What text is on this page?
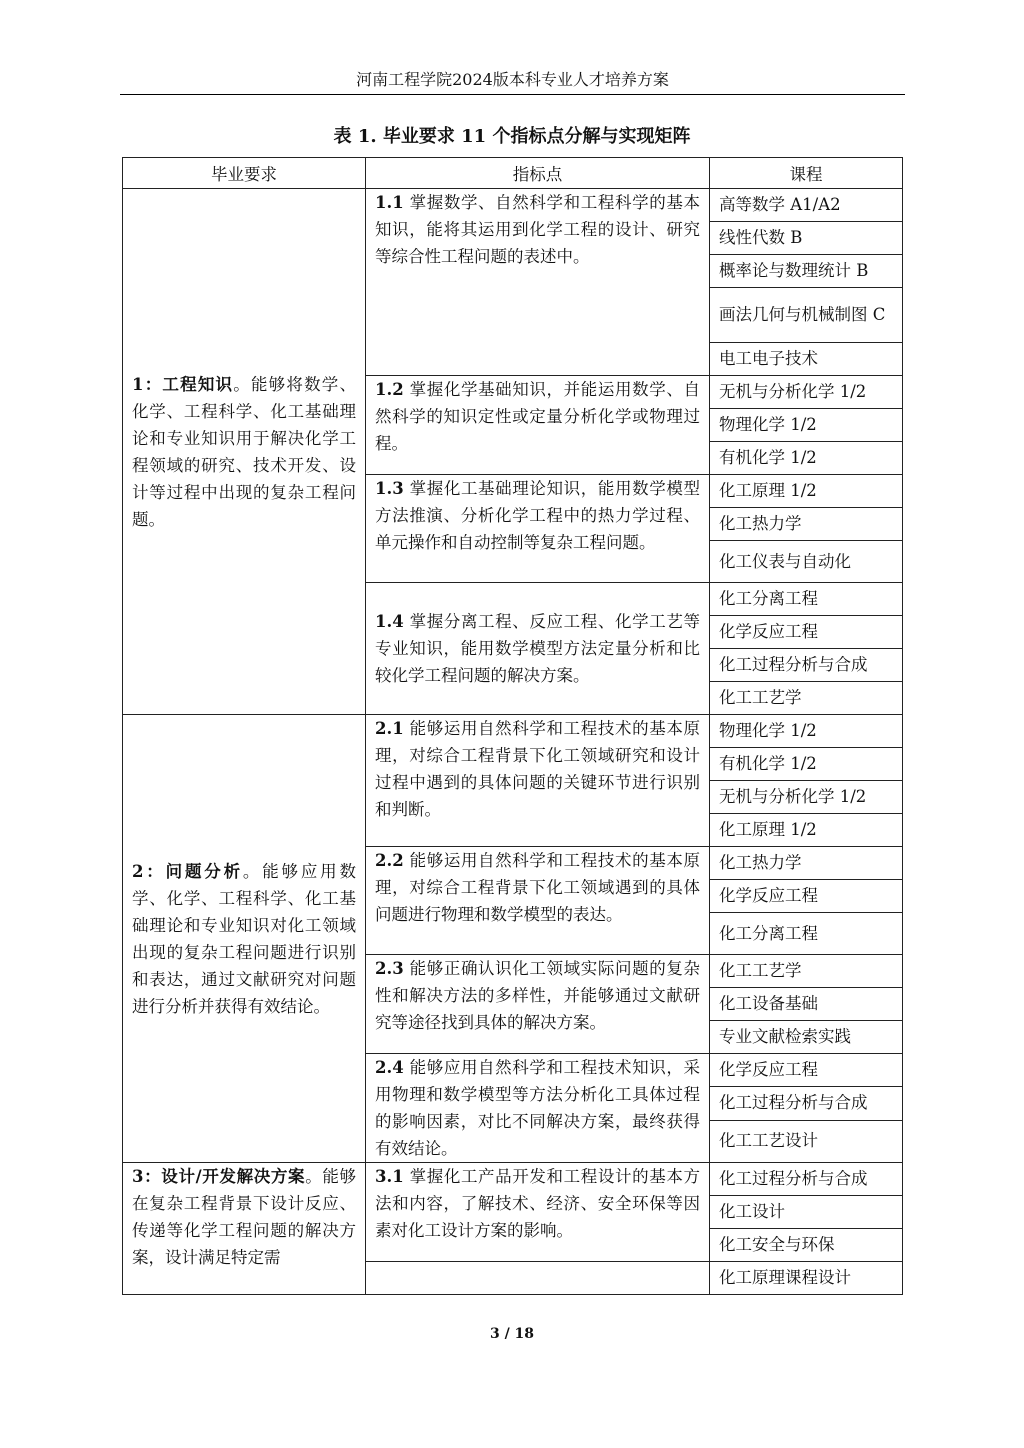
河南工程学院2024版本科专业人才培养方案
表 1. 毕业要求 11 个指标点分解与实现矩阵
毕业要求	指标点	课程
1：工程知识。能够将数学、化学、工程科学、化工基础理论和专业知识用于解决化学工程领域的研究、技术开发、设计等过程中出现的复杂工程问题。	1.1 掌握数学、自然科学和工程科学的基本知识，能将其运用到化学工程的设计、研究等综合性工程问题的表述中。	高等数学 A1/A2
		线性代数 B
		概率论与数理统计 B
		画法几何与机械制图 C
		电工电子技术
	1.2 掌握化学基础知识，并能运用数学、自然科学的知识定性或定量分析化学或物理过程。	无机与分析化学 1/2
		物理化学 1/2
		有机化学 1/2
	1.3 掌握化工基础理论知识，能用数学模型方法推演、分析化学工程中的热力学过程、单元操作和自动控制等复杂工程问题。	化工原理 1/2
		化工热力学
		化工仪表与自动化
	1.4 掌握分离工程、反应工程、化学工艺等专业知识，能用数学模型方法定量分析和比较化学工程问题的解决方案。	化工分离工程
		化学反应工程
		化工过程分析与合成
		化工工艺学
2：问题分析。能够应用数学、化学、工程科学、化工基础理论和专业知识对化工领域出现的复杂工程问题进行识别和表达，通过文献研究对问题进行分析并获得有效结论。	2.1 能够运用自然科学和工程技术的基本原理，对综合工程背景下化工领域研究和设计过程中遇到的具体问题的关键环节进行识别和判断。	物理化学 1/2
		有机化学 1/2
		无机与分析化学 1/2
		化工原理 1/2
	2.2 能够运用自然科学和工程技术的基本原理，对综合工程背景下化工领域遇到的具体问题进行物理和数学模型的表达。	化工热力学
		化学反应工程
		化工分离工程
	2.3 能够正确认识化工领域实际问题的复杂性和解决方法的多样性，并能够通过文献研究等途径找到具体的解决方案。	化工工艺学
		化工设备基础
		专业文献检索实践
	2.4 能够应用自然科学和工程技术知识，采用物理和数学模型等方法分析化工具体过程的影响因素，对比不同解决方案，最终获得有效结论。	化学反应工程
		化工过程分析与合成
		化工工艺设计
3：设计/开发解决方案。能够在复杂工程背景下设计反应、传递等化学工程问题的解决方案，设计满足特定需	3.1 掌握化工产品开发和工程设计的基本方法和内容，了解技术、经济、安全环保等因素对化工设计方案的影响。	化工过程分析与合成
		化工设计
		化工安全与环保
		化工原理课程设计
3 / 18
